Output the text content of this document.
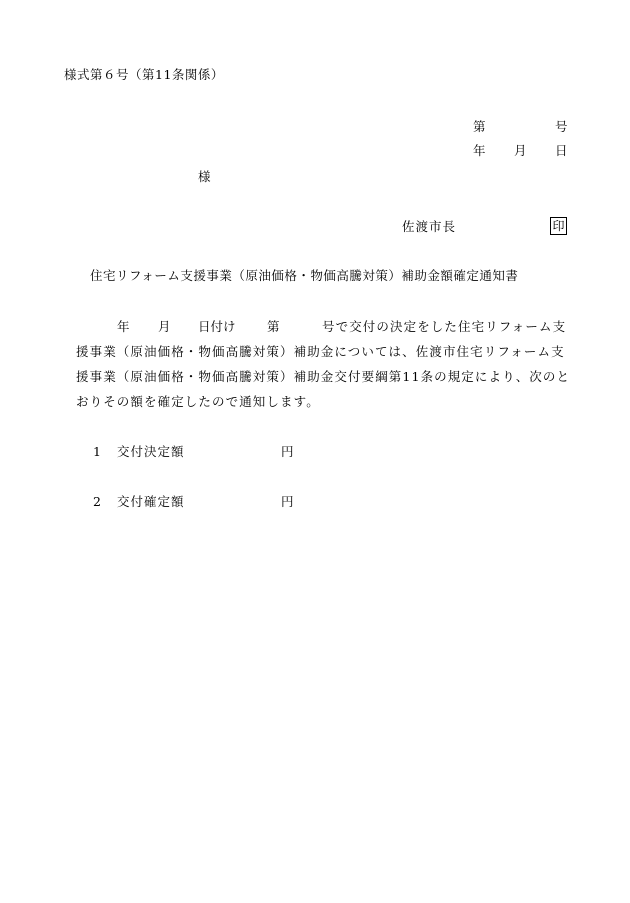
様式第６号（第11条関係）
第	号
年 月 日
様
佐渡市長	印
住宅リフォーム支援事業（原油価格・物価高騰対策）補助金額確定通知書
年 月 日付け	第	号で交付の決定をした住宅リフォーム支
援事業（原油価格・物価高騰対策）補助金については、佐渡市住宅リフォーム支
援事業（原油価格・物価高騰対策）補助金交付要綱第11条の規定により、次のと
おりその額を確定したので通知します。
1 交付決定額	円
2 交付確定額	円
